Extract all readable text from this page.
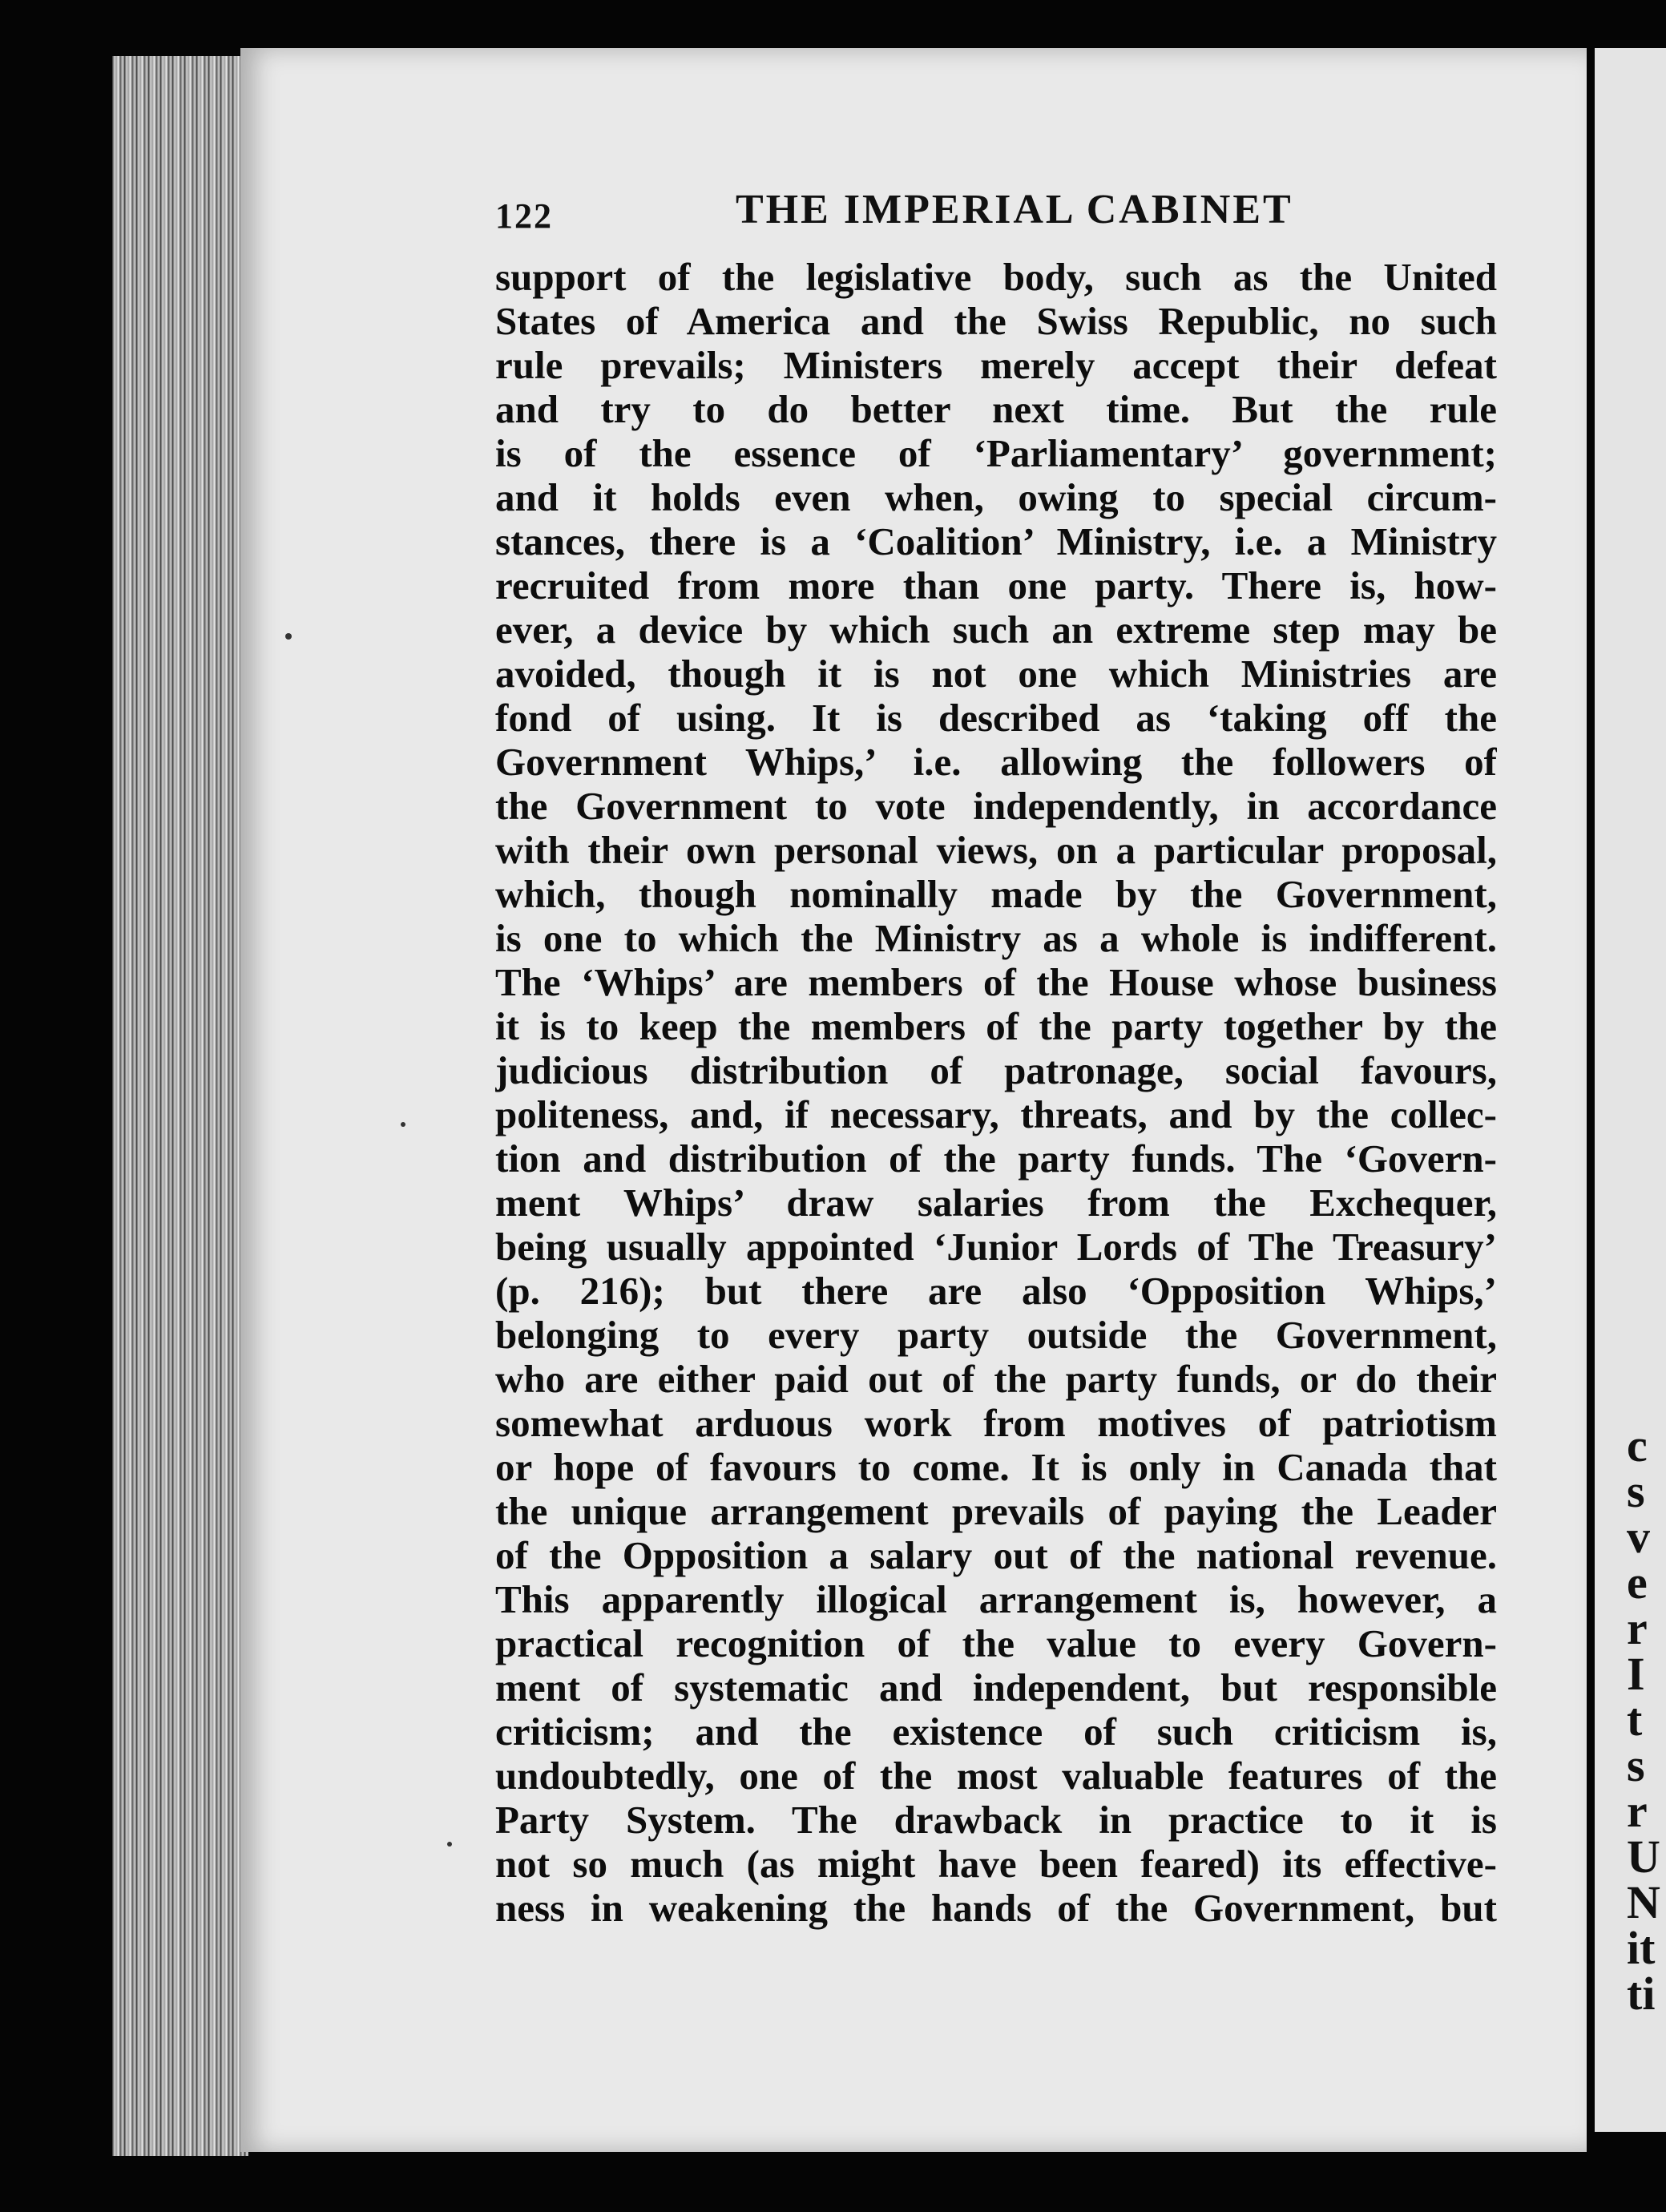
c
s
v
e
r
I
t
s
r
U
N
it
ti
122	THE IMPERIAL CABINET
support of the legislative body, such as the United
States of America and the Swiss Republic, no such
rule prevails; Ministers merely accept their defeat
and try to do better next time. But the rule
is of the essence of ‘Parliamentary’ government;
and it holds even when, owing to special circum-
stances, there is a ‘Coalition’ Ministry, i.e. a Ministry
recruited from more than one party. There is, how-
ever, a device by which such an extreme step may be
avoided, though it is not one which Ministries are
fond of using. It is described as ‘taking off the
Government Whips,’ i.e. allowing the followers of
the Government to vote independently, in accordance
with their own personal views, on a particular proposal,
which, though nominally made by the Government,
is one to which the Ministry as a whole is indifferent.
The ‘Whips’ are members of the House whose business
it is to keep the members of the party together by the
judicious distribution of patronage, social favours,
politeness, and, if necessary, threats, and by the collec-
tion and distribution of the party funds. The ‘Govern-
ment Whips’ draw salaries from the Exchequer,
being usually appointed ‘Junior Lords of The Treasury’
(p. 216); but there are also ‘Opposition Whips,’
belonging to every party outside the Government,
who are either paid out of the party funds, or do their
somewhat arduous work from motives of patriotism
or hope of favours to come. It is only in Canada that
the unique arrangement prevails of paying the Leader
of the Opposition a salary out of the national revenue.
This apparently illogical arrangement is, however, a
practical recognition of the value to every Govern-
ment of systematic and independent, but responsible
criticism; and the existence of such criticism is,
undoubtedly, one of the most valuable features of the
Party System. The drawback in practice to it is
not so much (as might have been feared) its effective-
ness in weakening the hands of the Government, but
